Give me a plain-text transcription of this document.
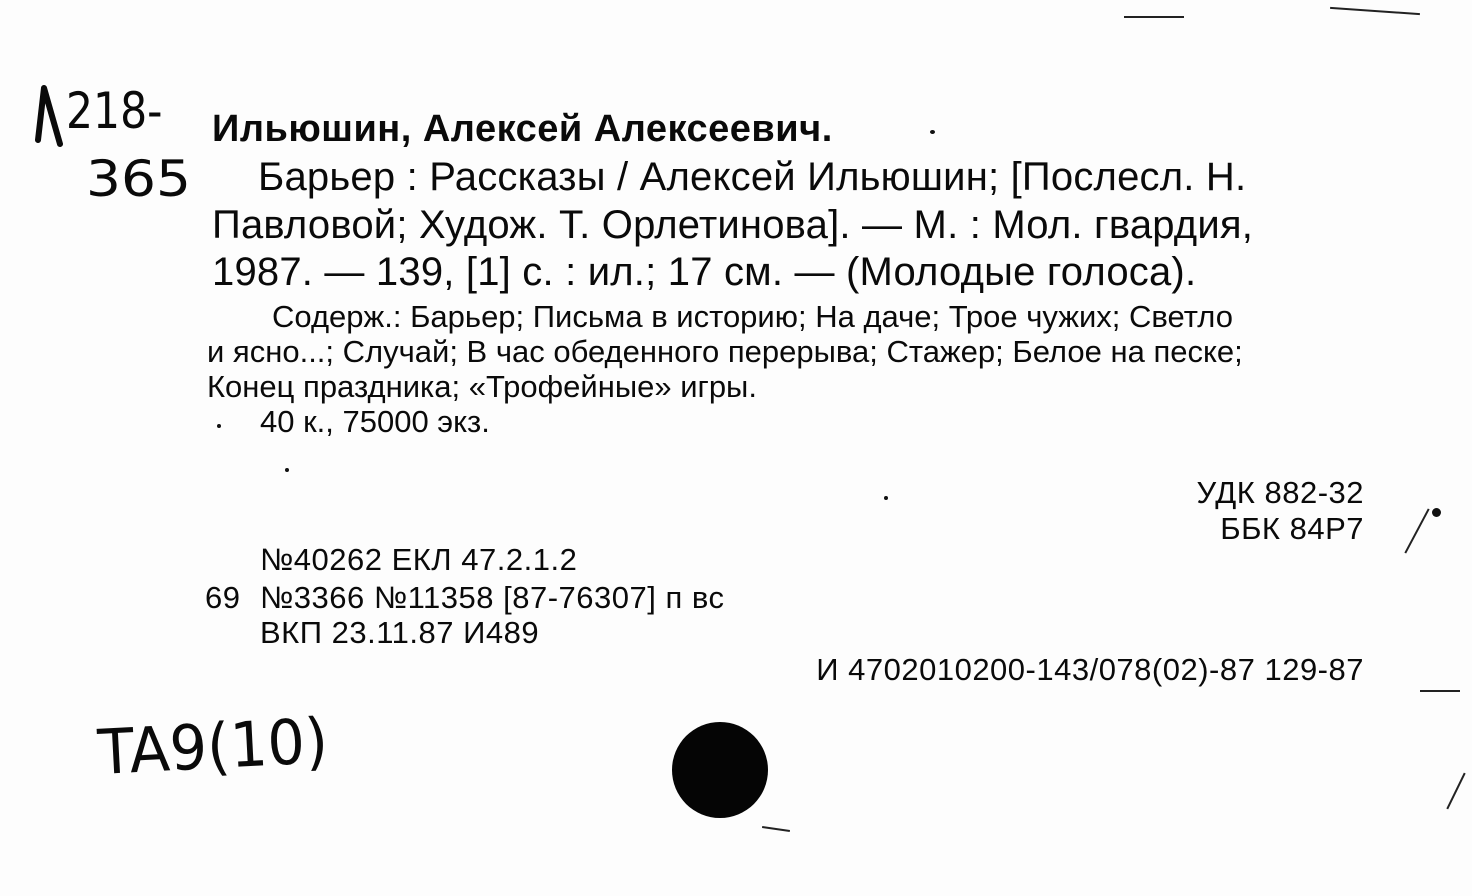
218-
365

Ильюшин, Алексей Алексеевич.

Барьер : Рассказы / Алексей Ильюшин; [Послесл. Н.

Павловой; Худож. Т. Орлетинова]. — М. : Мол. гвардия,

1987. — 139, [1] с. : ил.; 17 см. — (Молодые голоса).

Содерж.: Барьер; Письма в историю; На даче; Трое чужих; Светло

и ясно...; Случай; В час обеденного перерыва; Стажер; Белое на песке;

Конец праздника; «Трофейные» игры.

40 к., 75000 экз.

УДК 882-32

ББК 84Р7

№40262 ЕКЛ 47.2.1.2

69 №3366 №11358 [87-76307] п вс

ВКП 23.11.87 И489

И 4702010200-143/078(02)-87 129-87

TA9(10)
